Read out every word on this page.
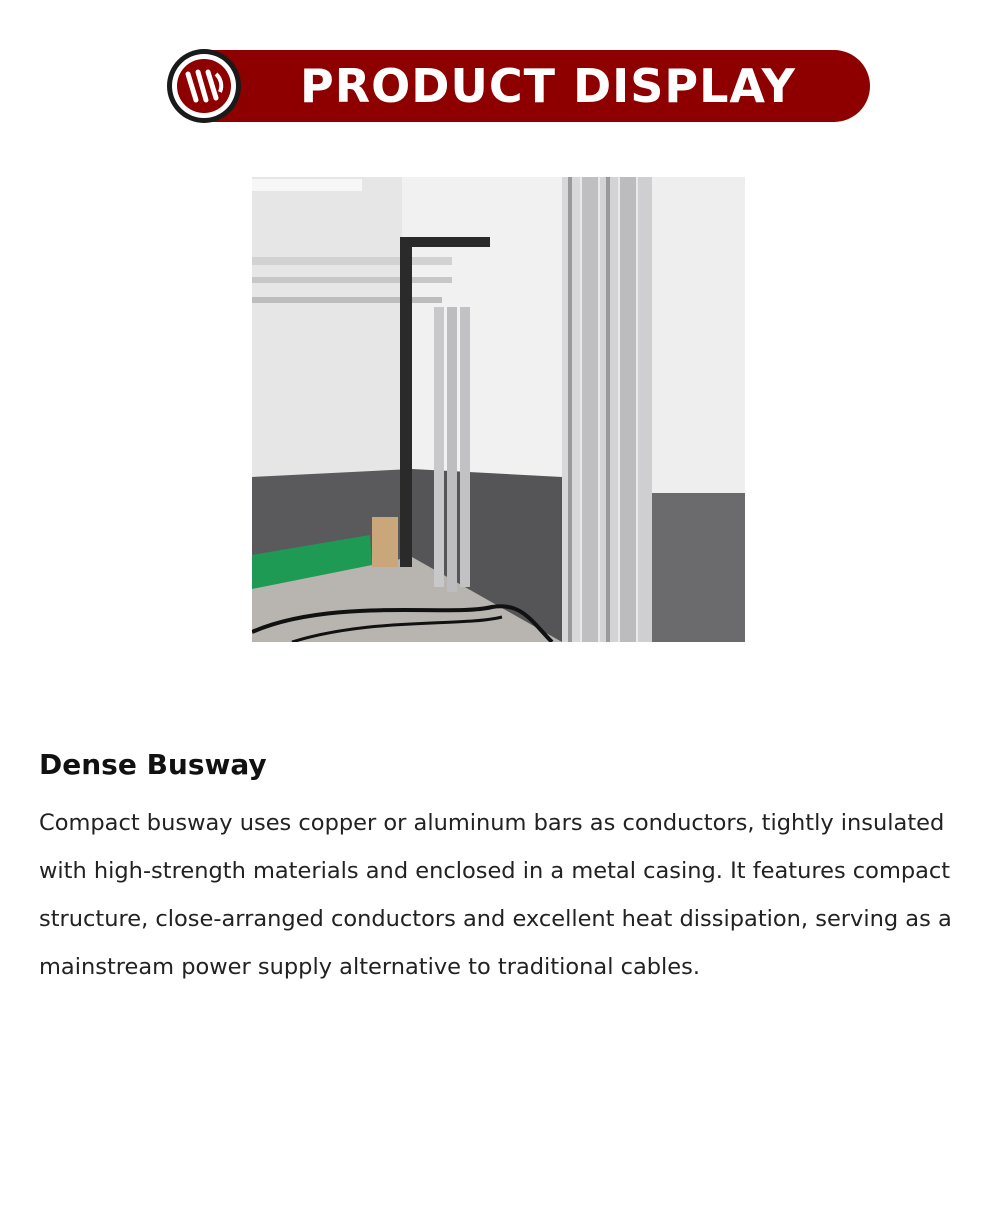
PRODUCT DISPLAY
Dense Busway

Compact busway uses copper or aluminum bars as conductors, tightly insulated with high-strength materials and enclosed in a metal casing. It features compact structure, close-arranged conductors and excellent heat dissipation, serving as a mainstream power supply alternative to traditional cables.
